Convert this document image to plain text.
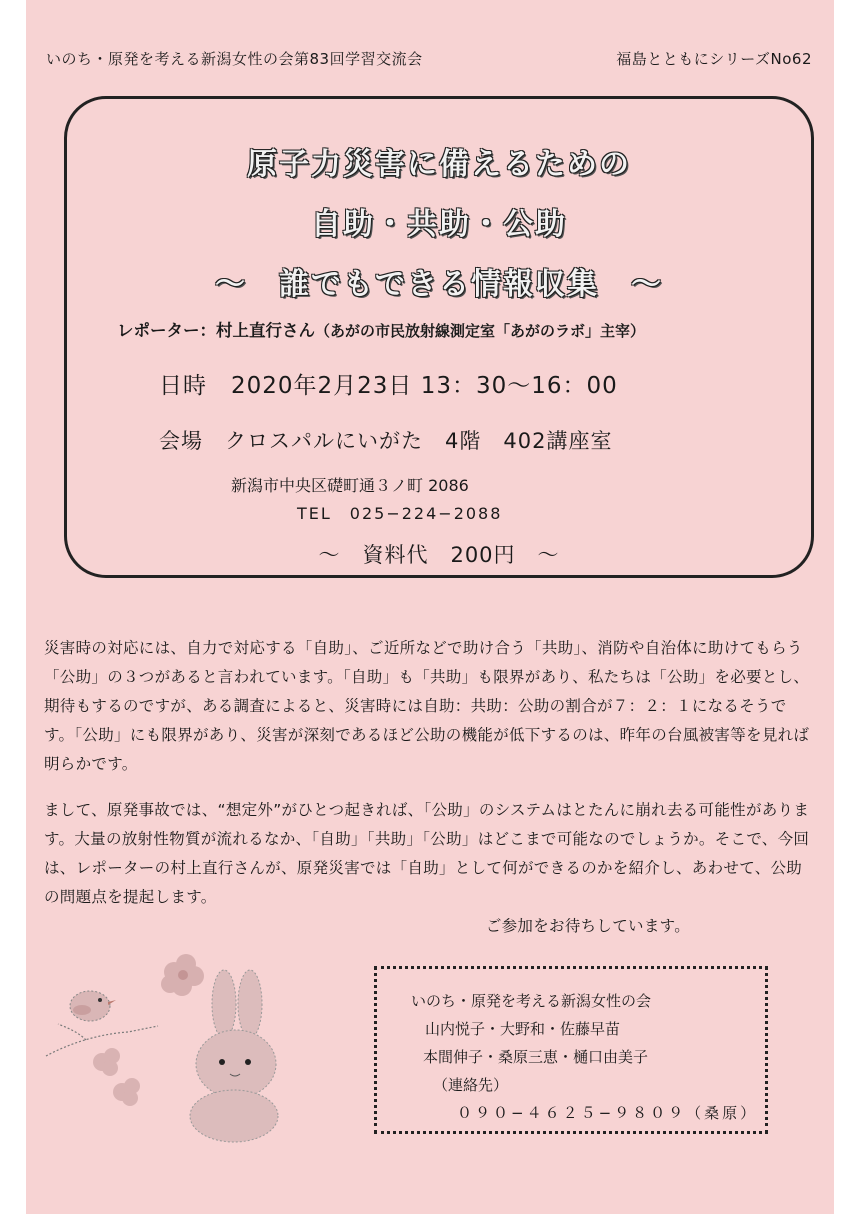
いのち・原発を考える新潟女性の会第83回学習交流会	福島とともにシリーズNo62
原子力災害に備えるための
自助・共助・公助
～　誰でもできる情報収集　～
レポーター：村上直行さん（あがの市民放射線測定室「あがのラボ」主宰）
日時　2020年2月23日 13：30～16：00
会場　クロスパルにいがた　4階　402講座室
新潟市中央区礎町通３ノ町 2086
TEL　025−224−2088
～　資料代　200円　～
災害時の対応には、自力で対応する「自助」、ご近所などで助け合う「共助」、消防や自治体に助けてもらう「公助」の３つがあると言われています。「自助」も「共助」も限界があり、私たちは「公助」を必要とし、期待もするのですが、ある調査によると、災害時には自助：共助：公助の割合が７：２：１になるそうです。「公助」にも限界があり、災害が深刻であるほど公助の機能が低下するのは、昨年の台風被害等を見れば明らかです。
まして、原発事故では、“想定外”がひとつ起きれば、「公助」のシステムはとたんに崩れ去る可能性があります。大量の放射性物質が流れるなか、「自助」「共助」「公助」はどこまで可能なのでしょうか。そこで、今回は、レポーターの村上直行さんが、原発災害では「自助」として何ができるのかを紹介し、あわせて、公助の問題点を提起します。
ご参加をお待ちしています。
いのち・原発を考える新潟女性の会
山内悦子・大野和・佐藤早苗
本間伸子・桑原三恵・樋口由美子
（連絡先）
０９０−４６２５−９８０９（桑原）
